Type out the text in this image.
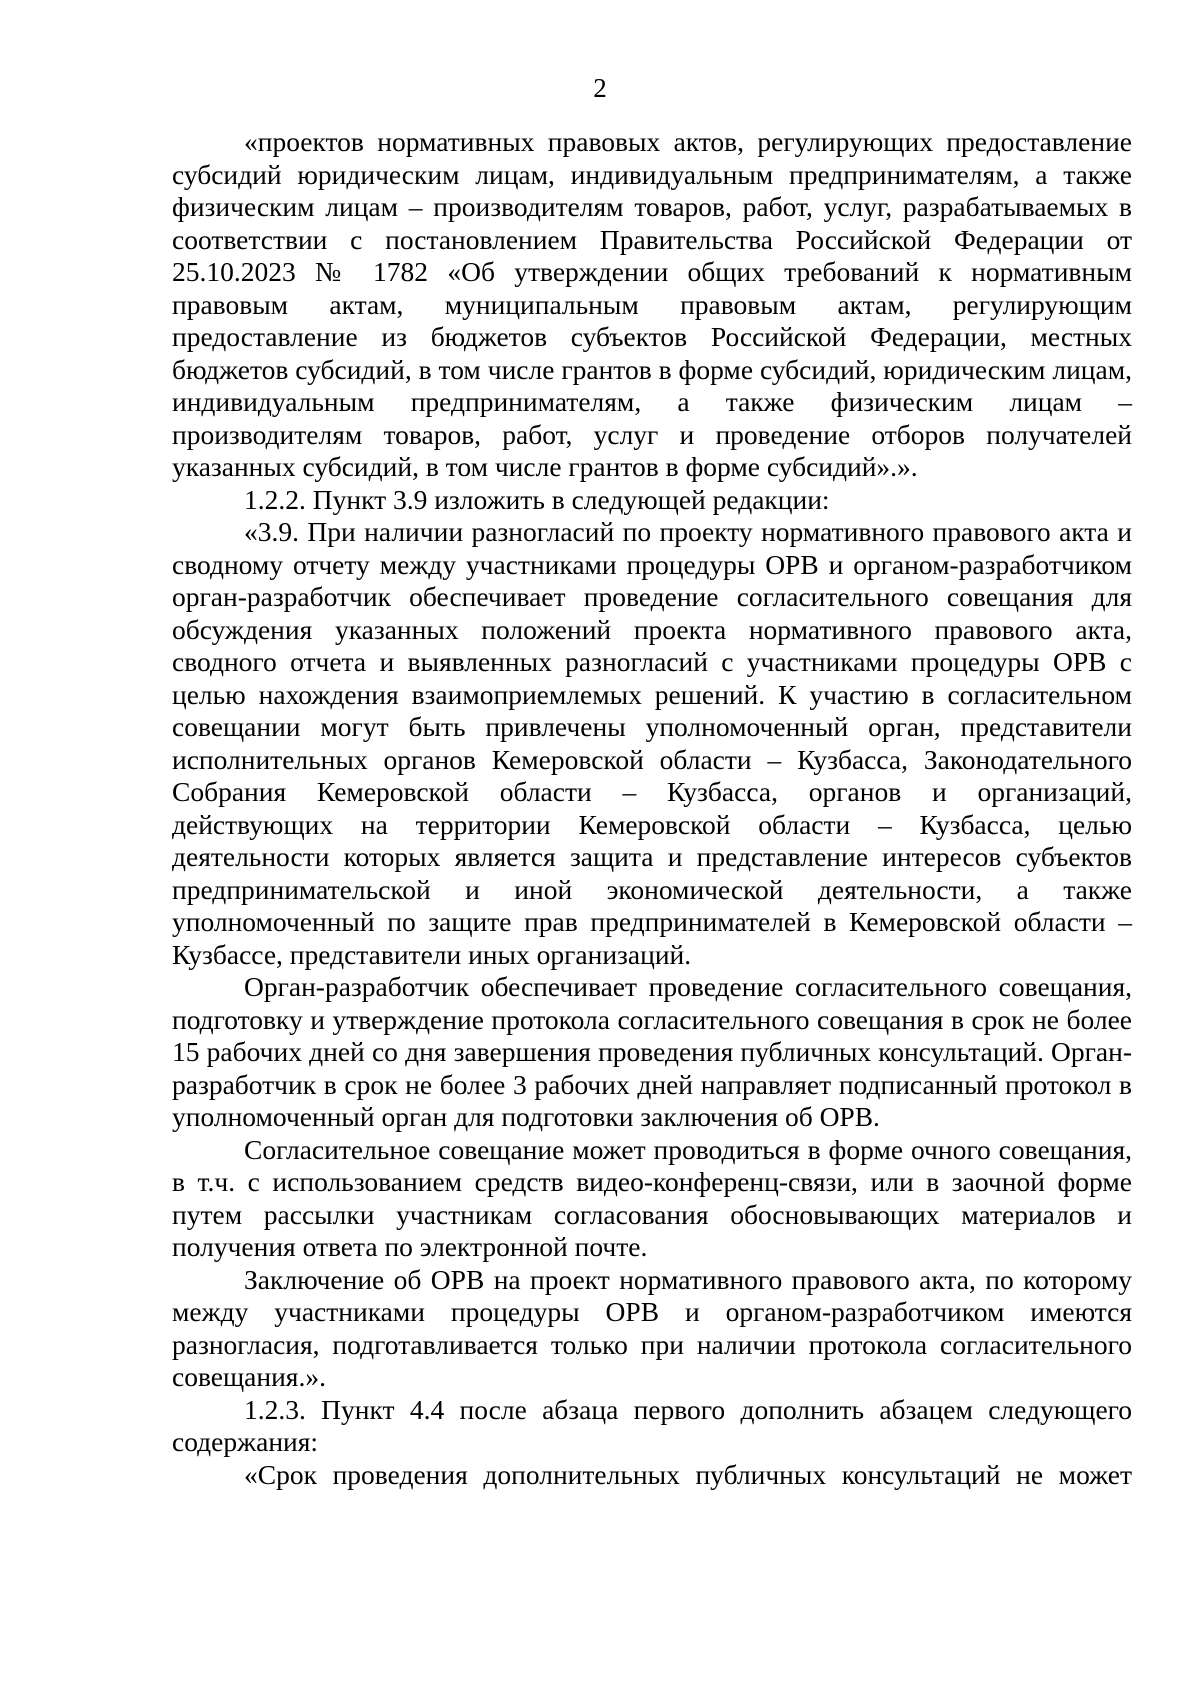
2

«проектов нормативных правовых актов, регулирующих предоставление субсидий юридическим лицам, индивидуальным предпринимателям, а также физическим лицам – производителям товаров, работ, услуг, разрабатываемых в соответствии с постановлением Правительства Российской Федерации от 25.10.2023 № 1782 «Об утверждении общих требований к нормативным правовым актам, муниципальным правовым актам, регулирующим предоставление из бюджетов субъектов Российской Федерации, местных бюджетов субсидий, в том числе грантов в форме субсидий, юридическим лицам, индивидуальным предпринимателям, а также физическим лицам – производителям товаров, работ, услуг и проведение отборов получателей указанных субсидий, в том числе грантов в форме субсидий».».

1.2.2. Пункт 3.9 изложить в следующей редакции:

«3.9. При наличии разногласий по проекту нормативного правового акта и сводному отчету между участниками процедуры ОРВ и органом-разработчиком орган-разработчик обеспечивает проведение согласительного совещания для обсуждения указанных положений проекта нормативного правового акта, сводного отчета и выявленных разногласий с участниками процедуры ОРВ с целью нахождения взаимоприемлемых решений. К участию в согласительном совещании могут быть привлечены уполномоченный орган, представители исполнительных органов Кемеровской области – Кузбасса, Законодательного Собрания Кемеровской области – Кузбасса, органов и организаций, действующих на территории Кемеровской области – Кузбасса, целью деятельности которых является защита и представление интересов субъектов предпринимательской и иной экономической деятельности, а также уполномоченный по защите прав предпринимателей в Кемеровской области – Кузбассе, представители иных организаций.

Орган-разработчик обеспечивает проведение согласительного совещания, подготовку и утверждение протокола согласительного совещания в срок не более 15 рабочих дней со дня завершения проведения публичных консультаций. Орган-разработчик в срок не более 3 рабочих дней направляет подписанный протокол в уполномоченный орган для подготовки заключения об ОРВ.

Согласительное совещание может проводиться в форме очного совещания, в т.ч. с использованием средств видео-конференц-связи, или в заочной форме путем рассылки участникам согласования обосновывающих материалов и получения ответа по электронной почте.

Заключение об ОРВ на проект нормативного правового акта, по которому между участниками процедуры ОРВ и органом-разработчиком имеются разногласия, подготавливается только при наличии протокола согласительного совещания.».

1.2.3. Пункт 4.4 после абзаца первого дополнить абзацем следующего содержания:

«Срок проведения дополнительных публичных консультаций не может
